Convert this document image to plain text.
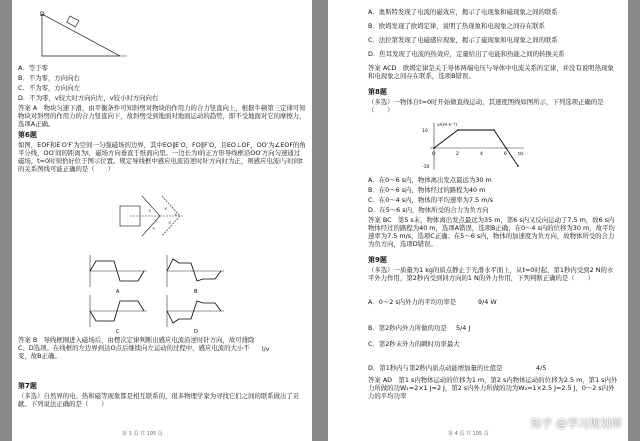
D
A．等于零
B．不为零，方向向右
C．不为零，方向向左
D．不为零，v较大时方向向左，v较小时方向向右
答案 A　物块匀速下滑，由平衡条件可知斜劈对物块的作用力的合力竖直向上，根据牛顿第三定律可知物块对斜劈的作用力的合力竖直向下，故斜劈受到地面对地面运动的趋势，即不受地面对它的摩擦力，选项A正确。
第6题
如图，EOF和E′O′F′为空间一匀强磁场的边界，其中EO∥E′O，FO∥F′O，且EO⊥OF，OO′为∠EOF的角平分线，OO′间的距离为l，磁场方向垂直于纸面向里。一边长为l的正方形导线框沿OO′方向匀速通过磁场，t=0时刻恰好位于图示位置。规定导线框中感应电流沿逆时针方向时为正，则感应电流i与时间t的关系图线可能正确的是（　　）
×
×
×
×
×
×
A	B
C	D
答案 B　导线框刚进入磁场后，由楞次定律判断出感应电流沿逆时针方向，故可排除C、D选项。在线框的左边界到达O点后继续向左运动的过程中，感应电流的大小不变，故B正确。
l/v
第7题
（多选）自然界的电、热和磁等现象都是相互联系的，很多物理学家为寻找它们之间的联系做出了贡献。下列说法正确的是（　　）
第 3 页 共 105 页
A．奥斯特发现了电流的磁效应，揭示了电现象和磁现象之间的联系
B．欧姆发现了欧姆定律，说明了热现象和电现象之间存在联系
C．法拉第发现了电磁感应现象，揭示了磁现象和电现象之间的联系
D．焦耳发现了电流的热效应，定量给出了电能和热能之间的转换关系
答案 ACD　欧姆定律是关于导体两端电压与导体中电流关系的定律，并没有说明热现象和电现象之间存在联系，选项B错误。
第8题
（多选）一物体自t=0时开始做直线运动，其速度图线如图所示，下列选项正确的是（　　）
v/(m·s⁻¹)
t/s
O	2	4	6
10
-10
A．在0～6 s内，物体离出发点最远为30 m
B．在0～6 s内，物体经过的路程为40 m
C．在0～4 s内，物体的平均速率为7.5 m/s
D．在5～6 s内，物体所受的合力为负方向
答案 BC　第5 s末，物体离出发点最远为35 m，第6 s内又反向运动了7.5 m，故6 s内物体经过的路程为40 m，选项A错误，选项B正确；在0～4 s内的位移为30 m，故平均速率为7.5 m/s，选项C正确；在5～6 s内，物体的加速度为负方向，故物体所受的合力为负方向，选项D错误。
第9题
（多选）一质量为1 kg的质点静止于光滑水平面上，从t=0时起，第1秒内受到2 N的水平外力作用，第2秒内受到同方向的1 N的外力作用，下列判断正确的是（　　）
A．0～2 s内外力的平均功率是	9/4 W
B．第2秒内外力所做的功是 5/4 J
C．第2秒末外力的瞬时功率最大
D．第1秒内与第2秒内质点动能增加量的比值是	4/5
答案 AD　第1 s内物体运动的位移为1 m，第2 s内物体运动的位移为2.5 m，第1 s内外力所做的功W₁=2×1 J=2 J，第2 s内外力所做的功为W₂=1×2.5 J=2.5 J，0～2 s内外力的平均功率
第 4 页 共 105 页
知乎 @学习规划师
